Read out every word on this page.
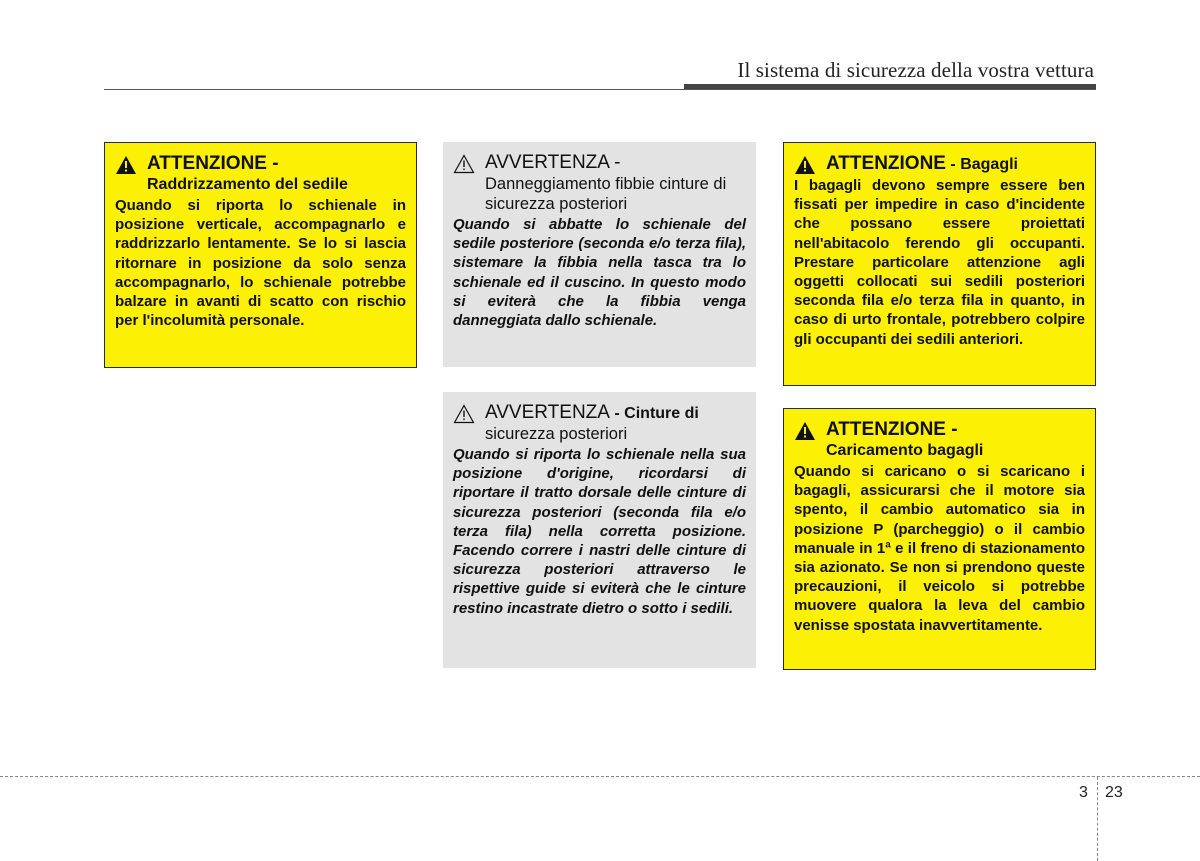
Il sistema di sicurezza della vostra vettura
ATTENZIONE -
Raddrizzamento del sedile
Quando si riporta lo schienale in posizione verticale, accompagnarlo e raddrizzarlo lentamente. Se lo si lascia ritornare in posizione da solo senza accompagnarlo, lo schienale potrebbe balzare in avanti di scatto con rischio per l'incolumità personale.
AVVERTENZA -
Danneggiamento fibbie cinture di sicurezza posteriori
Quando si abbatte lo schienale del sedile posteriore (seconda e/o terza fila), sistemare la fibbia nella tasca tra lo schienale ed il cuscino. In questo modo si eviterà che la fibbia venga danneggiata dallo schienale.
AVVERTENZA - Cinture di
sicurezza posteriori
Quando si riporta lo schienale nella sua posizione d'origine, ricordarsi di riportare il tratto dorsale delle cinture di sicurezza posteriori (seconda fila e/o terza fila) nella corretta posizione. Facendo correre i nastri delle cinture di sicurezza posteriori attraverso le rispettive guide si eviterà che le cinture restino incastrate dietro o sotto i sedili.
ATTENZIONE - Bagagli
I bagagli devono sempre essere ben fissati per impedire in caso d'incidente che possano essere proiettati nell'abitacolo ferendo gli occupanti. Prestare particolare attenzione agli oggetti collocati sui sedili posteriori seconda fila e/o terza fila in quanto, in caso di urto frontale, potrebbero colpire gli occupanti dei sedili anteriori.
ATTENZIONE -
Caricamento bagagli
Quando si caricano o si scaricano i bagagli, assicurarsi che il motore sia spento, il cambio automatico sia in posizione P (parcheggio) o il cambio manuale in 1ª e il freno di stazionamento sia azionato. Se non si prendono queste precauzioni, il veicolo si potrebbe muovere qualora la leva del cambio venisse spostata inavvertitamente.
3 23
